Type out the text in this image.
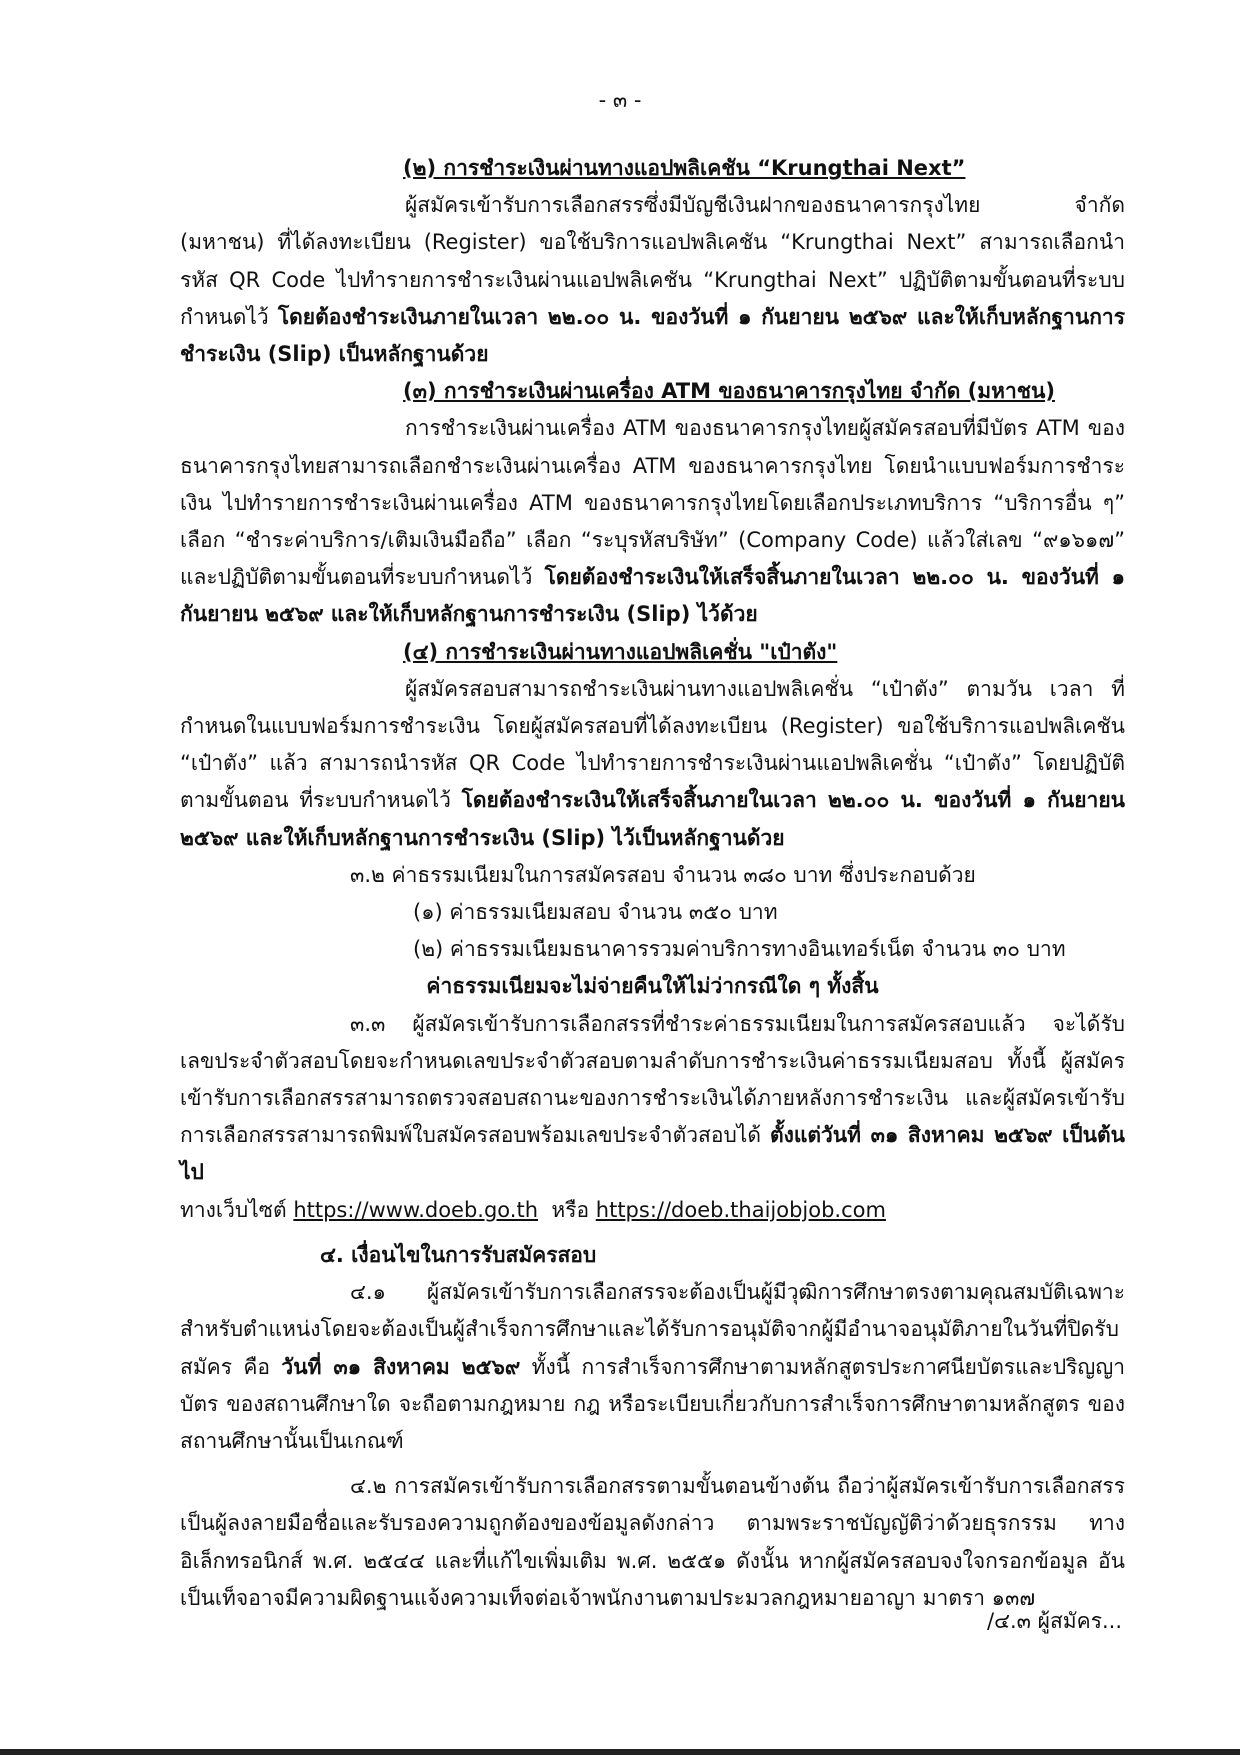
- ๓ -

(๒) การชำระเงินผ่านทางแอปพลิเคชัน “Krungthai Next”

ผู้สมัครเข้ารับการเลือกสรรซึ่งมีบัญชีเงินฝากของธนาคารกรุงไทย จำกัด (มหาชน) ที่ได้ลงทะเบียน (Register) ขอใช้บริการแอปพลิเคชัน “Krungthai Next” สามารถเลือกนำรหัส QR Code ไปทำรายการชำระเงินผ่านแอปพลิเคชัน “Krungthai Next” ปฏิบัติตามขั้นตอนที่ระบบกำหนดไว้ โดยต้องชำระเงินภายในเวลา ๒๒.๐๐ น. ของวันที่ ๑ กันยายน ๒๕๖๙ และให้เก็บหลักฐานการชำระเงิน (Slip) เป็นหลักฐานด้วย

(๓) การชำระเงินผ่านเครื่อง ATM ของธนาคารกรุงไทย จำกัด (มหาชน)

การชำระเงินผ่านเครื่อง ATM ของธนาคารกรุงไทยผู้สมัครสอบที่มีบัตร ATM ของธนาคารกรุงไทยสามารถเลือกชำระเงินผ่านเครื่อง ATM ของธนาคารกรุงไทย โดยนำแบบฟอร์มการชำระเงิน ไปทำรายการชำระเงินผ่านเครื่อง ATM ของธนาคารกรุงไทยโดยเลือกประเภทบริการ “บริการอื่น ๆ” เลือก “ชำระค่าบริการ/เติมเงินมือถือ” เลือก “ระบุรหัสบริษัท” (Company Code) แล้วใส่เลข “๙๑๖๑๗” และปฏิบัติตามขั้นตอนที่ระบบกำหนดไว้ โดยต้องชำระเงินให้เสร็จสิ้นภายในเวลา ๒๒.๐๐ น. ของวันที่ ๑ กันยายน ๒๕๖๙ และให้เก็บหลักฐานการชำระเงิน (Slip) ไว้ด้วย

(๔) การชำระเงินผ่านทางแอปพลิเคชั่น "เป๋าตัง"

ผู้สมัครสอบสามารถชำระเงินผ่านทางแอปพลิเคชั่น “เป๋าตัง” ตามวัน เวลา ที่กำหนดในแบบฟอร์มการชำระเงิน โดยผู้สมัครสอบที่ได้ลงทะเบียน (Register) ขอใช้บริการแอปพลิเคชัน “เป๋าตัง” แล้ว สามารถนำรหัส QR Code ไปทำรายการชำระเงินผ่านแอปพลิเคชั่น “เป๋าตัง” โดยปฏิบัติตามขั้นตอน ที่ระบบกำหนดไว้ โดยต้องชำระเงินให้เสร็จสิ้นภายในเวลา ๒๒.๐๐ น. ของวันที่ ๑ กันยายน ๒๕๖๙ และให้เก็บหลักฐานการชำระเงิน (Slip) ไว้เป็นหลักฐานด้วย

๓.๒ ค่าธรรมเนียมในการสมัครสอบ จำนวน ๓๘๐ บาท ซึ่งประกอบด้วย

(๑) ค่าธรรมเนียมสอบ จำนวน ๓๕๐ บาท

(๒) ค่าธรรมเนียมธนาคารรวมค่าบริการทางอินเทอร์เน็ต จำนวน ๓๐ บาท

ค่าธรรมเนียมจะไม่จ่ายคืนให้ไม่ว่ากรณีใด ๆ ทั้งสิ้น

๓.๓ ผู้สมัครเข้ารับการเลือกสรรที่ชำระค่าธรรมเนียมในการสมัครสอบแล้ว จะได้รับ เลขประจำตัวสอบโดยจะกำหนดเลขประจำตัวสอบตามลำดับการชำระเงินค่าธรรมเนียมสอบ ทั้งนี้ ผู้สมัคร เข้ารับการเลือกสรรสามารถตรวจสอบสถานะของการชำระเงินได้ภายหลังการชำระเงิน และผู้สมัครเข้ารับ การเลือกสรรสามารถพิมพ์ใบสมัครสอบพร้อมเลขประจำตัวสอบได้ ตั้งแต่วันที่ ๓๑ สิงหาคม ๒๕๖๙ เป็นต้นไป

ทางเว็บไซต์ https://www.doeb.go.th  หรือ https://doeb.thaijobjob.com

๔. เงื่อนไขในการรับสมัครสอบ

๔.๑ ผู้สมัครเข้ารับการเลือกสรรจะต้องเป็นผู้มีวุฒิการศึกษาตรงตามคุณสมบัติเฉพาะ สำหรับตำแหน่งโดยจะต้องเป็นผู้สำเร็จการศึกษาและได้รับการอนุมัติจากผู้มีอำนาจอนุมัติภายในวันที่ปิดรับสมัคร คือ วันที่ ๓๑ สิงหาคม ๒๕๖๙ ทั้งนี้ การสำเร็จการศึกษาตามหลักสูตรประกาศนียบัตรและปริญญาบัตร ของสถานศึกษาใด จะถือตามกฎหมาย กฎ หรือระเบียบเกี่ยวกับการสำเร็จการศึกษาตามหลักสูตร ของสถานศึกษานั้นเป็นเกณฑ์

๔.๒ การสมัครเข้ารับการเลือกสรรตามขั้นตอนข้างต้น ถือว่าผู้สมัครเข้ารับการเลือกสรร เป็นผู้ลงลายมือชื่อและรับรองความถูกต้องของข้อมูลดังกล่าว ตามพระราชบัญญัติว่าด้วยธุรกรรม ทางอิเล็กทรอนิกส์ พ.ศ. ๒๕๔๔ และที่แก้ไขเพิ่มเติม พ.ศ. ๒๕๕๑ ดังนั้น หากผู้สมัครสอบจงใจกรอกข้อมูล อันเป็นเท็จอาจมีความผิดฐานแจ้งความเท็จต่อเจ้าพนักงานตามประมวลกฎหมายอาญา มาตรา ๑๓๗

/๔.๓ ผู้สมัคร...
